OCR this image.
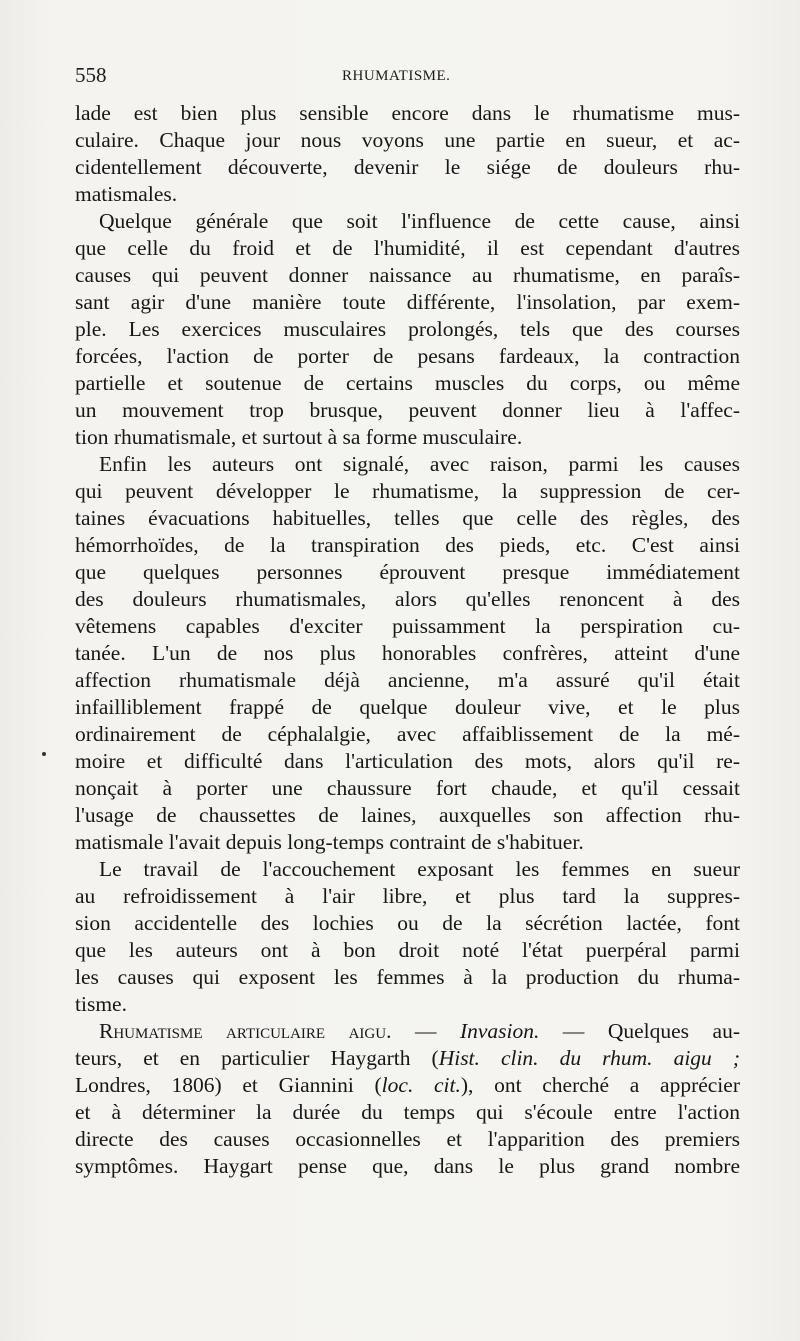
558	RHUMATISME.
lade est bien plus sensible encore dans le rhumatisme mus-
culaire. Chaque jour nous voyons une partie en sueur, et ac-
cidentellement découverte, devenir le siége de douleurs rhu-
matismales.
Quelque générale que soit l'influence de cette cause, ainsi
que celle du froid et de l'humidité, il est cependant d'autres
causes qui peuvent donner naissance au rhumatisme, en paraîs-
sant agir d'une manière toute différente, l'insolation, par exem-
ple. Les exercices musculaires prolongés, tels que des courses
forcées, l'action de porter de pesans fardeaux, la contraction
partielle et soutenue de certains muscles du corps, ou même
un mouvement trop brusque, peuvent donner lieu à l'affec-
tion rhumatismale, et surtout à sa forme musculaire.
Enfin les auteurs ont signalé, avec raison, parmi les causes
qui peuvent développer le rhumatisme, la suppression de cer-
taines évacuations habituelles, telles que celle des règles, des
hémorrhoïdes, de la transpiration des pieds, etc. C'est ainsi
que quelques personnes éprouvent presque immédiatement
des douleurs rhumatismales, alors qu'elles renoncent à des
vêtemens capables d'exciter puissamment la perspiration cu-
tanée. L'un de nos plus honorables confrères, atteint d'une
affection rhumatismale déjà ancienne, m'a assuré qu'il était
infailliblement frappé de quelque douleur vive, et le plus
ordinairement de céphalalgie, avec affaiblissement de la mé-
moire et difficulté dans l'articulation des mots, alors qu'il re-
nonçait à porter une chaussure fort chaude, et qu'il cessait
l'usage de chaussettes de laines, auxquelles son affection rhu-
matismale l'avait depuis long-temps contraint de s'habituer.
Le travail de l'accouchement exposant les femmes en sueur
au refroidissement à l'air libre, et plus tard la suppres-
sion accidentelle des lochies ou de la sécrétion lactée, font
que les auteurs ont à bon droit noté l'état puerpéral parmi
les causes qui exposent les femmes à la production du rhuma-
tisme.
Rhumatisme articulaire aigu. — Invasion. — Quelques au-
teurs, et en particulier Haygarth (Hist. clin. du rhum. aigu ;
Londres, 1806) et Giannini (loc. cit.), ont cherché a apprécier
et à déterminer la durée du temps qui s'écoule entre l'action
directe des causes occasionnelles et l'apparition des premiers
symptômes. Haygart pense que, dans le plus grand nombre
